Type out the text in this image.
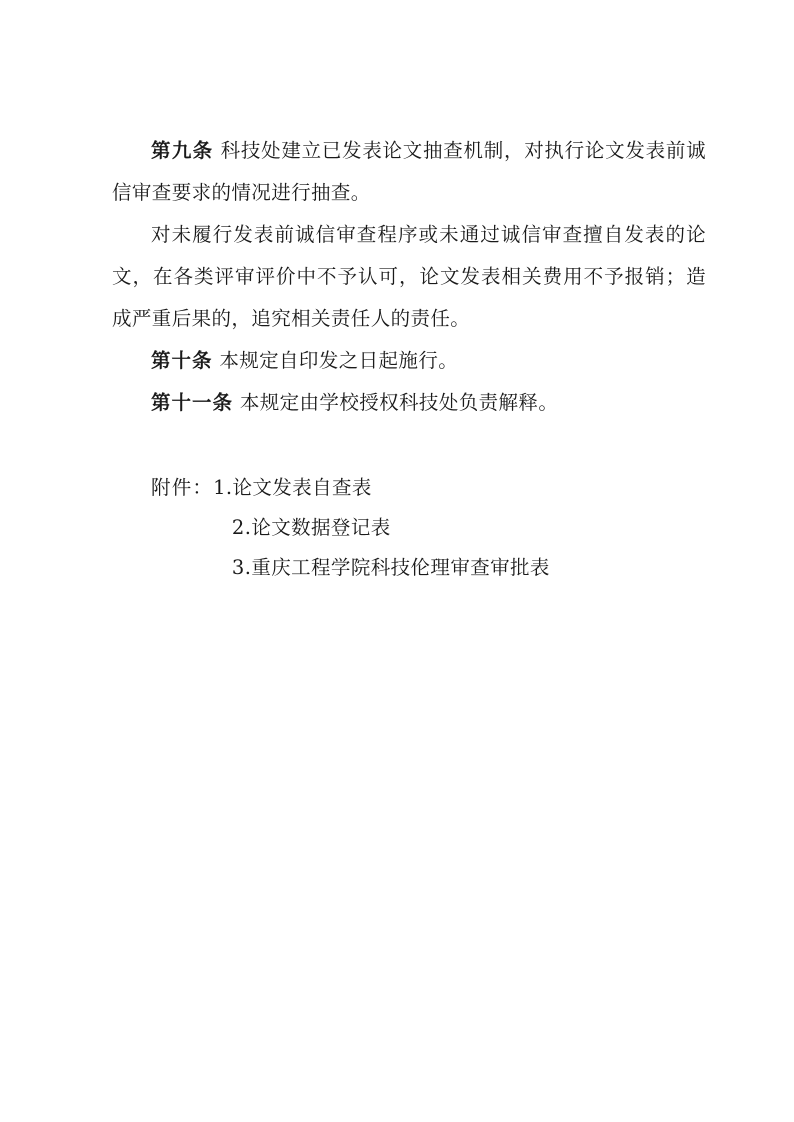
第九条 科技处建立已发表论文抽查机制，对执行论文发表前诚信审查要求的情况进行抽查。

对未履行发表前诚信审查程序或未通过诚信审查擅自发表的论文，在各类评审评价中不予认可，论文发表相关费用不予报销；造成严重后果的，追究相关责任人的责任。

第十条 本规定自印发之日起施行。

第十一条 本规定由学校授权科技处负责解释。

附件：1.论文发表自查表
2.论文数据登记表
3.重庆工程学院科技伦理审查审批表
